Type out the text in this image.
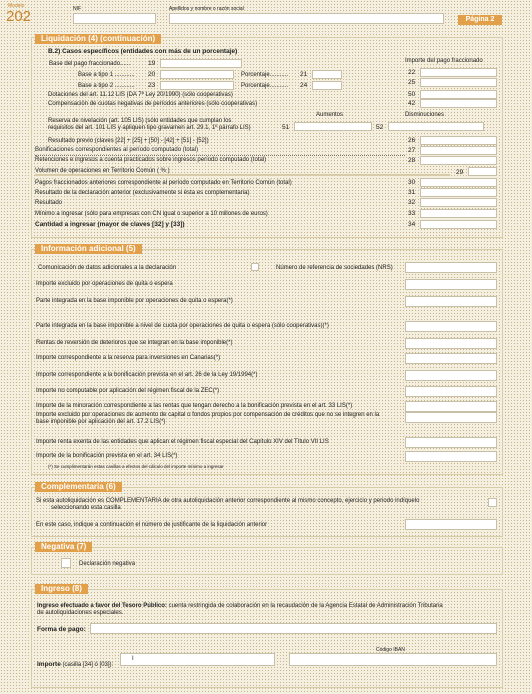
Modelo
202	NIF	Apellidos y nombre o razón social
Página 2
Liquidación (4) (continuación)
B.2) Casos específicos (entidades con más de un porcentaje)
Importe del pago fraccionado
Base del pago fraccionado......	19
Base a tipo 1 ............ 20	Porcentaje........... 21	22
Base a tipo 2 ............ 23	Porcentaje........... 24	25
Dotaciones del art. 11.12 LIS (DA 7ª Ley 20/1990) (sólo cooperativas)	50
Compensación de cuotas negativas de períodos anteriores (sólo cooperativas)	42
Aumentos	Disminuciones
Reserva de nivelación (art. 105 LIS) (sólo entidades que cumplan los
requisitos del art. 101 LIS y apliquen tipo gravamen art. 29.1, 1º párrafo LIS)	51	52
Resultado previo (claves [22] + [25] + [50] - [42] + [51] - [52])	26
Bonificaciones correspondientes al período computado (total)	27
Retenciones e ingresos a cuenta practicados sobre ingresos período computado (total)	28
Volumen de operaciones en Territorio Común ( % )	29
Pagos fraccionados anteriores correspondiente al período computado en Territorio Común (total)	30
Resultado de la declaración anterior (exclusivamente si ésta es complementaria)	31
Resultado	32
Mínimo a ingresar (sólo para empresas con CN igual o superior a 10 millones de euros)	33
Cantidad a ingresar (mayor de claves [32] y [33])	34
Información adicional (5)
Comunicación de datos adicionales a la declaración	Número de referencia de sociedades (NRS)
Importe excluido por operaciones de quita o espera
Parte integrada en la base imponible por operaciones de quita o espera(*)
Parte integrada en la base imponible a nivel de cuota por operaciones de quita o espera (sólo cooperativas)(*)
Rentas de reversión de deterioros que se integran en la base imponible(*)
Importe correspondiente a la reserva para inversiones en Canarias(*)
Importe correspondiente a la bonificación prevista en el art. 26 de la Ley 19/1994(*)
Importe no computable por aplicación del régimen fiscal de la ZEC(*)
Importe de la minoración correspondiente a las rentas que tengan derecho a la bonificación prevista en el art. 33 LIS(*)
Importe excluido por operaciones de aumento de capital o fondos propios por compensación de créditos que no se integren en la base imponible por aplicación del art. 17.2 LIS(*)
Importe renta exenta de las entidades que aplican el régimen fiscal especial del Capítulo XIV del Título VII LIS
Importe de la bonificación prevista en el art. 34 LIS(*)
(*) Se cumplimentarán estas casillas a efectos del cálculo del importe mínimo a ingresar
Complementaria (6)
Si esta autoliquidación es COMPLEMENTARIA de otra autoliquidación anterior correspondiente al mismo concepto, ejercicio y periodo indíquelo
seleccionando esta casilla
En este caso, indique a continuación el número de justificante de la liquidación anterior
Negativa (7)
Declaración negativa
Ingreso (8)
Ingreso efectuado a favor del Tesoro Público: cuenta restringida de colaboración en la recaudación de la Agencia Estatal de Administración Tributaria
de autoliquidaciones especiales.
Forma de pago:
Código IBAN
Importe (casilla [34] ó [03]):
I
